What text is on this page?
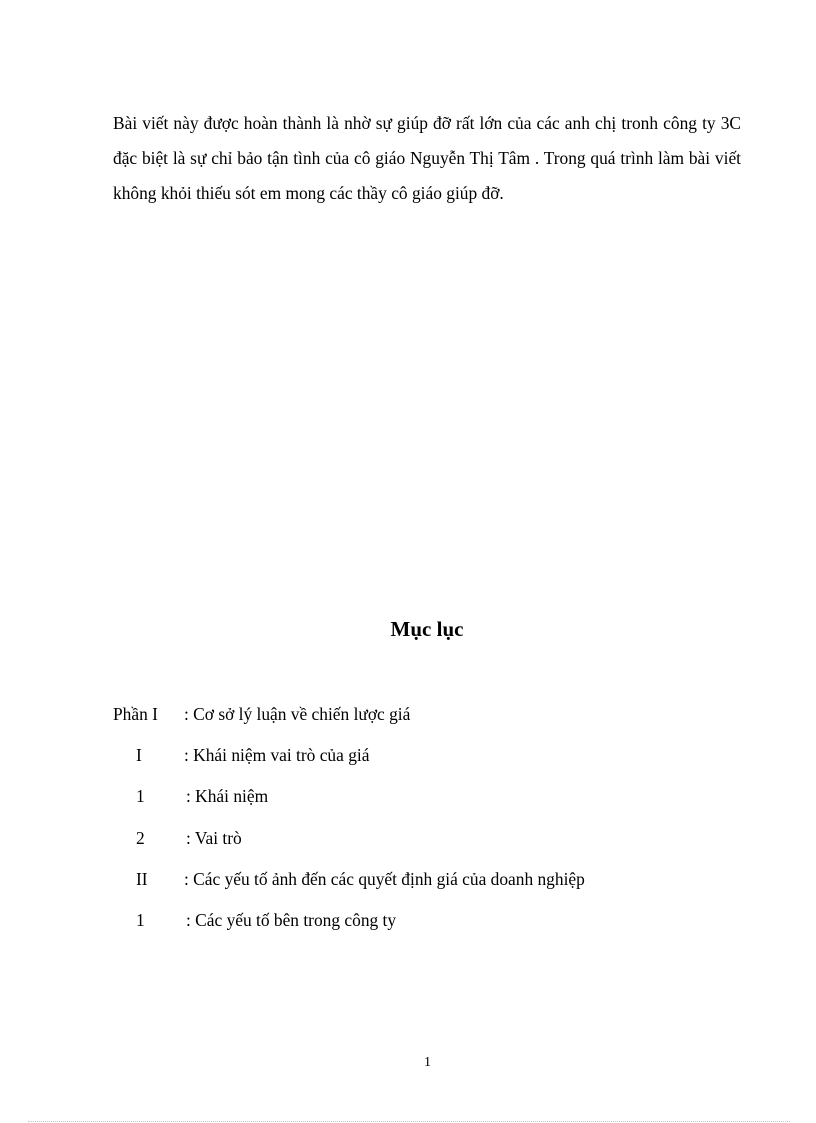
Bài viết này được hoàn thành là nhờ sự giúp đỡ rất lớn của các anh chị tronh công ty 3C đặc biệt là sự chỉ bảo tận tình của cô giáo Nguyễn Thị Tâm . Trong quá trình làm bài viết không khỏi thiếu sót em mong các thầy cô giáo giúp đỡ.

Mục lục
Phần I : Cơ sở lý luận về chiến lược giá
I : Khái niệm vai trò của giá
1 : Khái niệm
2 : Vai trò
II : Các yếu tố ảnh đến các quyết định giá của doanh nghiệp
1 : Các yếu tố bên trong công ty
1
